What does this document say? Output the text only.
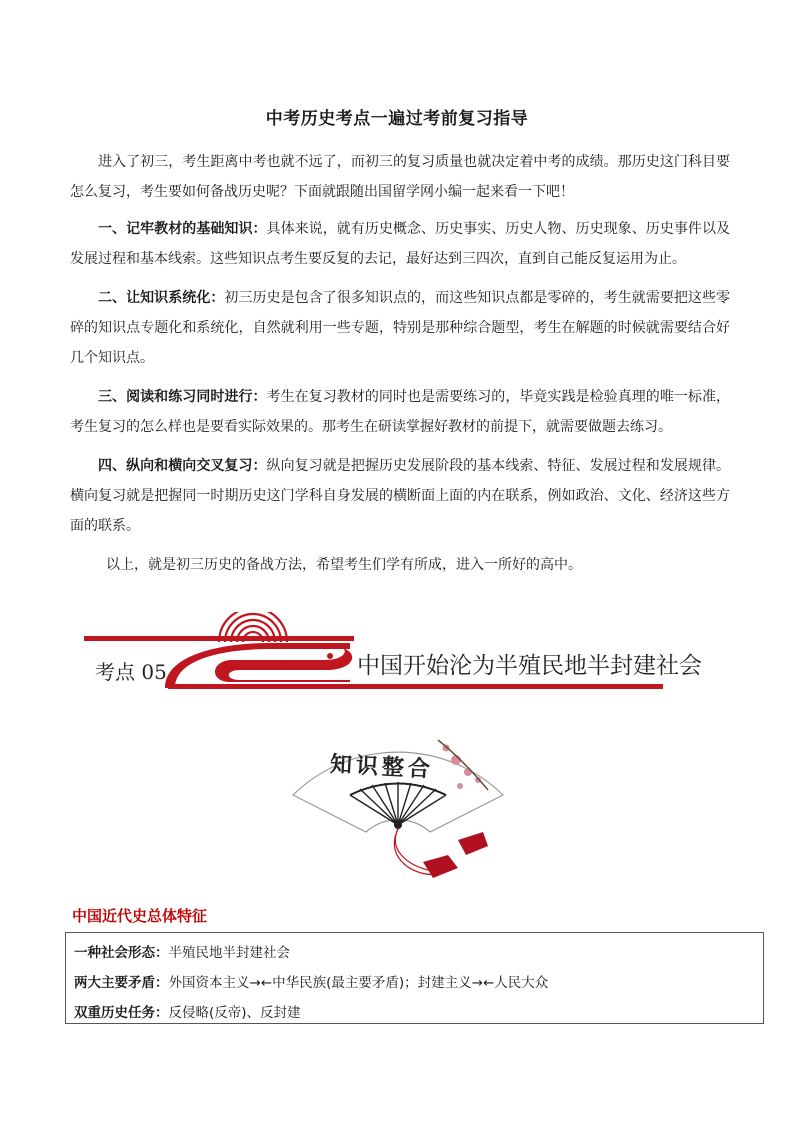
中考历史考点一遍过考前复习指导

进入了初三，考生距离中考也就不远了，而初三的复习质量也就决定着中考的成绩。那历史这门科目要怎么复习，考生要如何备战历史呢？下面就跟随出国留学网小编一起来看一下吧！

一、记牢教材的基础知识：具体来说，就有历史概念、历史事实、历史人物、历史现象、历史事件以及发展过程和基本线索。这些知识点考生要反复的去记，最好达到三四次，直到自己能反复运用为止。

二、让知识系统化：初三历史是包含了很多知识点的，而这些知识点都是零碎的，考生就需要把这些零碎的知识点专题化和系统化，自然就利用一些专题，特别是那种综合题型，考生在解题的时候就需要结合好几个知识点。

三、阅读和练习同时进行：考生在复习教材的同时也是需要练习的，毕竟实践是检验真理的唯一标准，考生复习的怎么样也是要看实际效果的。那考生在研读掌握好教材的前提下，就需要做题去练习。

四、纵向和横向交叉复习：纵向复习就是把握历史发展阶段的基本线索、特征、发展过程和发展规律。横向复习就是把握同一时期历史这门学科自身发展的横断面上面的内在联系，例如政治、文化、经济这些方面的联系。

以上，就是初三历史的备战方法，希望考生们学有所成，进入一所好的高中。

考点 05	中国开始沦为半殖民地半封建社会
知识整合
中国近代史总体特征
一种社会形态：半殖民地半封建社会
两大主要矛盾：外国资本主义→←中华民族(最主要矛盾)；封建主义→←人民大众
双重历史任务：反侵略(反帝)、反封建
